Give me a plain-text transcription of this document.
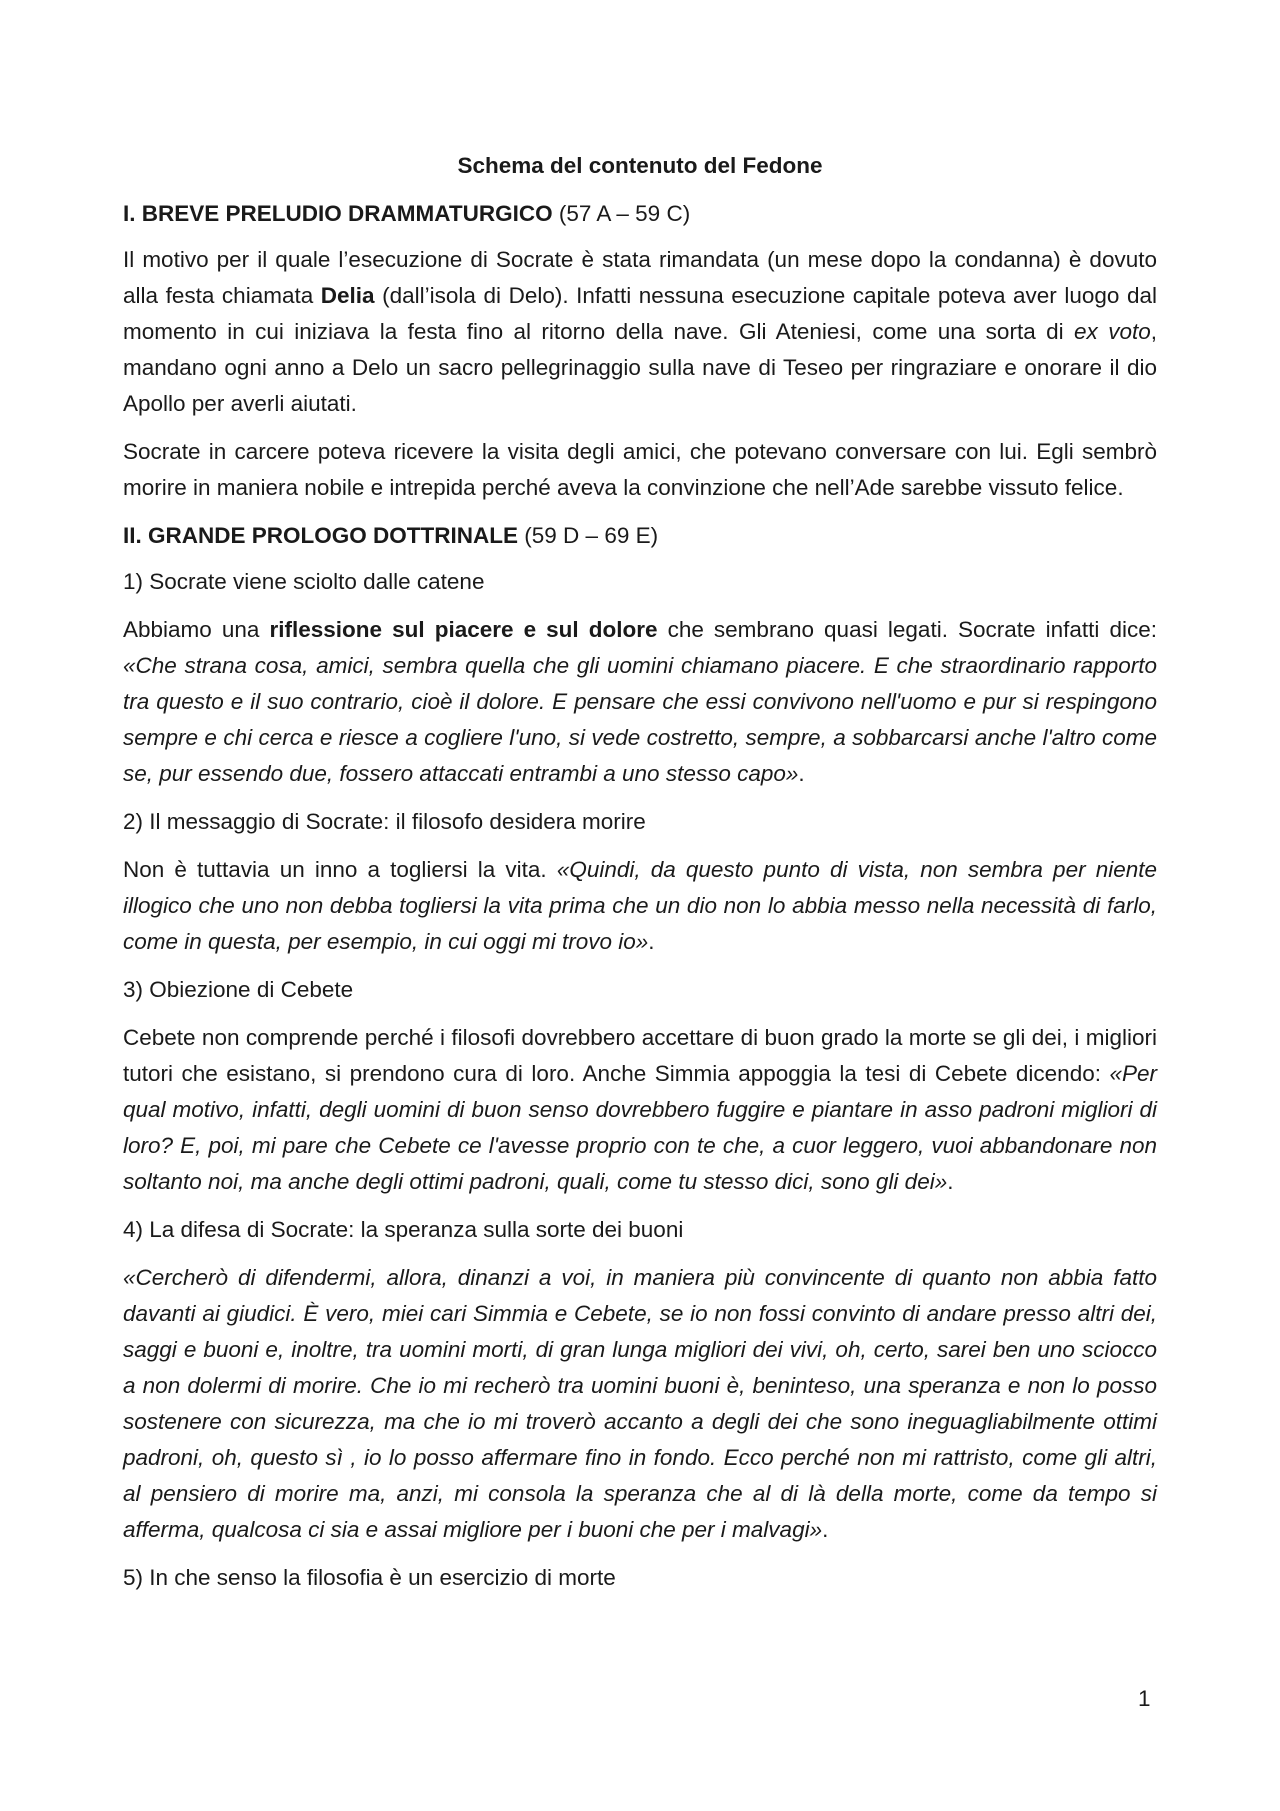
Schema del contenuto del Fedone

I. BREVE PRELUDIO DRAMMATURGICO (57 A – 59 C)

Il motivo per il quale l’esecuzione di Socrate è stata rimandata (un mese dopo la condanna) è dovuto alla festa chiamata Delia (dall’isola di Delo). Infatti nessuna esecuzione capitale poteva aver luogo dal momento in cui iniziava la festa fino al ritorno della nave. Gli Ateniesi, come una sorta di ex voto, mandano ogni anno a Delo un sacro pellegrinaggio sulla nave di Teseo per ringraziare e onorare il dio Apollo per averli aiutati.

Socrate in carcere poteva ricevere la visita degli amici, che potevano conversare con lui. Egli sembrò morire in maniera nobile e intrepida perché aveva la convinzione che nell’Ade sarebbe vissuto felice.

II. GRANDE PROLOGO DOTTRINALE (59 D – 69 E)

1) Socrate viene sciolto dalle catene

Abbiamo una riflessione sul piacere e sul dolore che sembrano quasi legati. Socrate infatti dice: «Che strana cosa, amici, sembra quella che gli uomini chiamano piacere. E che straordinario rapporto tra questo e il suo contrario, cioè il dolore. E pensare che essi convivono nell'uomo e pur si respingono sempre e chi cerca e riesce a cogliere l'uno, si vede costretto, sempre, a sobbarcarsi anche l'altro come se, pur essendo due, fossero attaccati entrambi a uno stesso capo».

2) Il messaggio di Socrate: il filosofo desidera morire

Non è tuttavia un inno a togliersi la vita. «Quindi, da questo punto di vista, non sembra per niente illogico che uno non debba togliersi la vita prima che un dio non lo abbia messo nella necessità di farlo, come in questa, per esempio, in cui oggi mi trovo io».

3) Obiezione di Cebete

Cebete non comprende perché i filosofi dovrebbero accettare di buon grado la morte se gli dei, i migliori tutori che esistano, si prendono cura di loro. Anche Simmia appoggia la tesi di Cebete dicendo: «Per qual motivo, infatti, degli uomini di buon senso dovrebbero fuggire e piantare in asso padroni migliori di loro? E, poi, mi pare che Cebete ce l'avesse proprio con te che, a cuor leggero, vuoi abbandonare non soltanto noi, ma anche degli ottimi padroni, quali, come tu stesso dici, sono gli dei».

4) La difesa di Socrate: la speranza sulla sorte dei buoni

«Cercherò di difendermi, allora, dinanzi a voi, in maniera più convincente di quanto non abbia fatto davanti ai giudici. È vero, miei cari Simmia e Cebete, se io non fossi convinto di andare presso altri dei, saggi e buoni e, inoltre, tra uomini morti, di gran lunga migliori dei vivi, oh, certo, sarei ben uno sciocco a non dolermi di morire. Che io mi recherò tra uomini buoni è, beninteso, una speranza e non lo posso sostenere con sicurezza, ma che io mi troverò accanto a degli dei che sono ineguagliabilmente ottimi padroni, oh, questo sì , io lo posso affermare fino in fondo. Ecco perché non mi rattristo, come gli altri, al pensiero di morire ma, anzi, mi consola la speranza che al di là della morte, come da tempo si afferma, qualcosa ci sia e assai migliore per i buoni che per i malvagi».

5) In che senso la filosofia è un esercizio di morte

1
